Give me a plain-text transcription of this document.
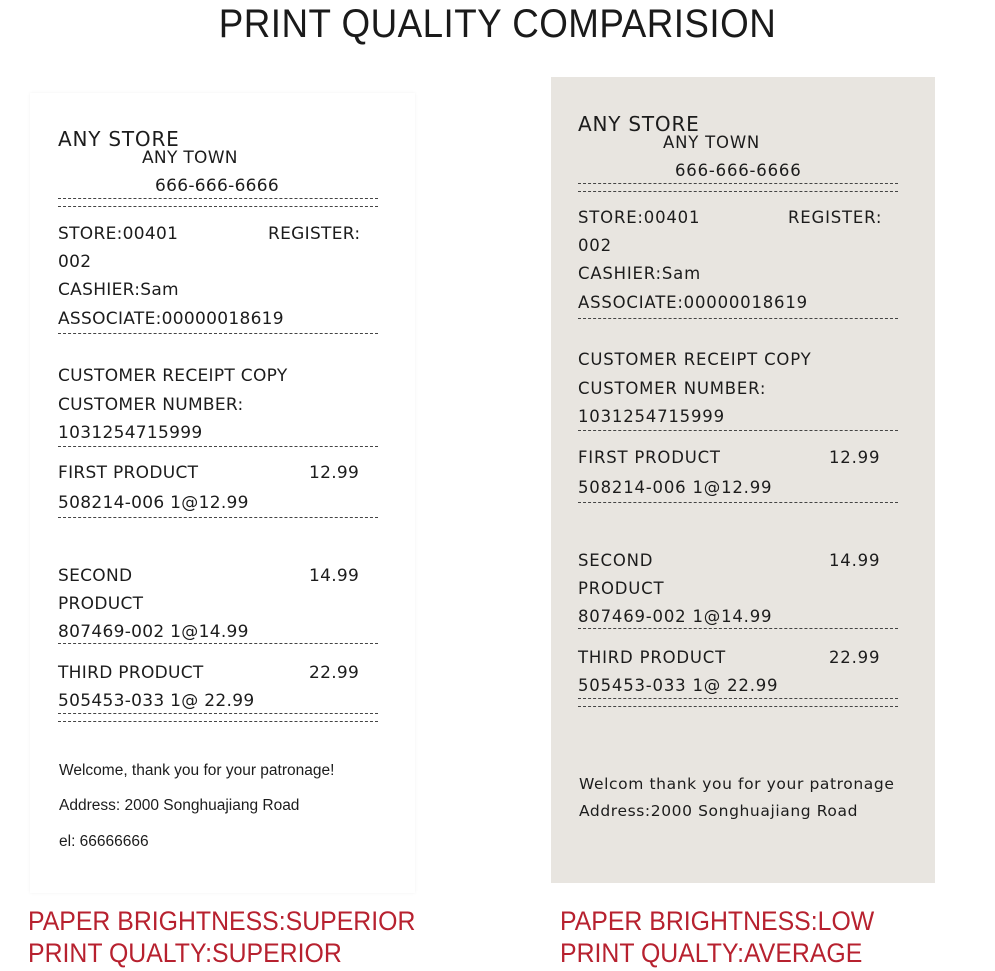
PRINT QUALITY COMPARISION
ANY STORE
ANY TOWN
666-666-6666
STORE:00401	REGISTER:
002
CASHIER:Sam
ASSOCIATE:00000018619
CUSTOMER RECEIPT COPY
CUSTOMER NUMBER:
1031254715999
FIRST PRODUCT	12.99
508214-006 1@12.99
SECOND	14.99
PRODUCT
807469-002 1@14.99
THIRD PRODUCT	22.99
505453-033 1@ 22.99
Welcome, thank you for your patronage!
Address: 2000 Songhuajiang Road
el: 66666666
ANY STORE
ANY TOWN
666-666-6666
STORE:00401	REGISTER:
002
CASHIER:Sam
ASSOCIATE:00000018619
CUSTOMER RECEIPT COPY
CUSTOMER NUMBER:
1031254715999
FIRST PRODUCT	12.99
508214-006 1@12.99
SECOND	14.99
PRODUCT
807469-002 1@14.99
THIRD PRODUCT	22.99
505453-033 1@ 22.99
Welcom thank you for your patronage
Address:2000 Songhuajiang Road
PAPER BRIGHTNESS:SUPERIOR
PRINT QUALTY:SUPERIOR
PAPER BRIGHTNESS:LOW
PRINT QUALTY:AVERAGE
